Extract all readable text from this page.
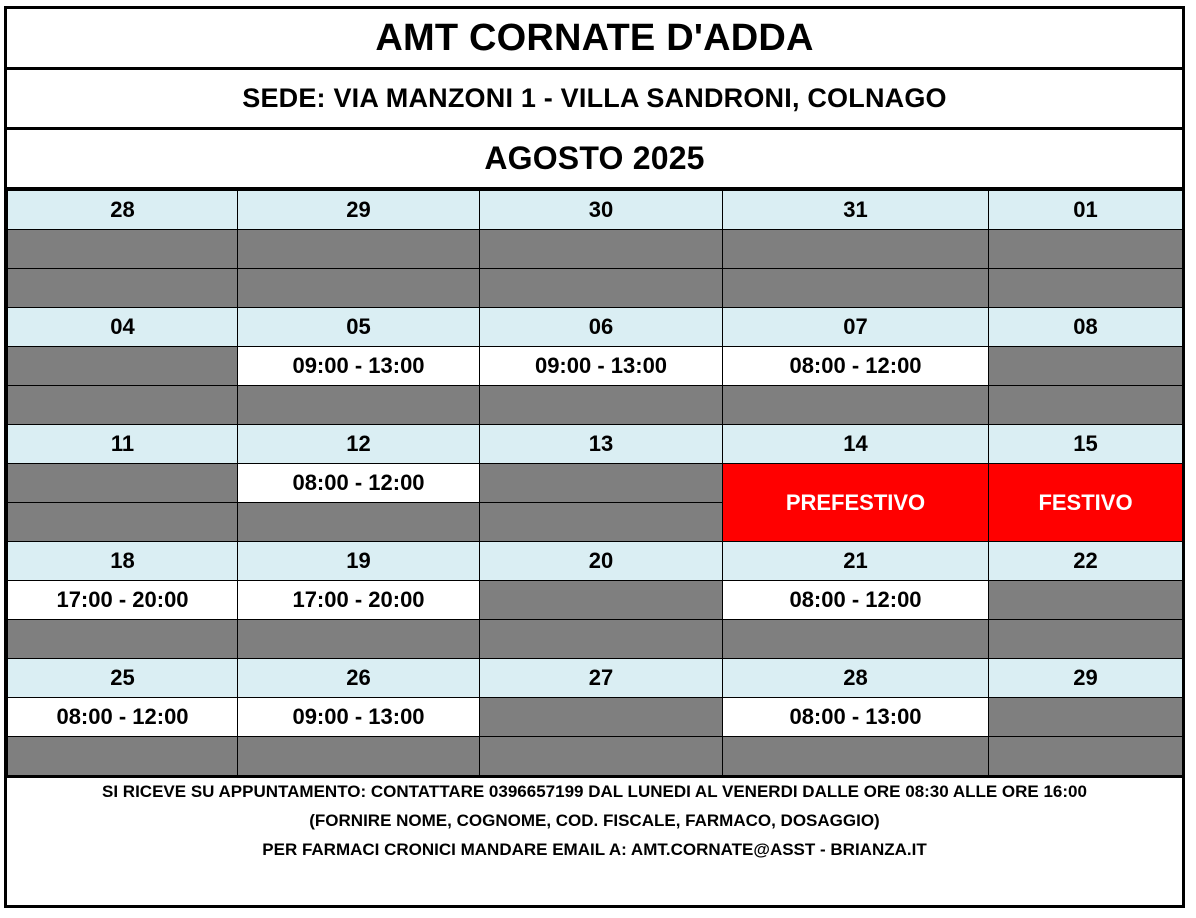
AMT CORNATE D'ADDA
SEDE: VIA MANZONI 1 - VILLA SANDRONI, COLNAGO
AGOSTO 2025
28	29	30	31	01

04	05	06	07	08
	09:00 - 13:00	09:00 - 13:00	08:00 - 12:00	

11	12	13	14	15
	08:00 - 12:00		PREFESTIVO	FESTIVO

18	19	20	21	22
17:00 - 20:00	17:00 - 20:00		08:00 - 12:00	

25	26	27	28	29
08:00 - 12:00	09:00 - 13:00		08:00 - 13:00	

SI RICEVE SU APPUNTAMENTO: CONTATTARE 0396657199 DAL LUNEDI AL VENERDI DALLE ORE 08:30 ALLE ORE 16:00
(FORNIRE NOME, COGNOME, COD. FISCALE, FARMACO, DOSAGGIO)
PER FARMACI CRONICI MANDARE EMAIL A: AMT.CORNATE@ASST - BRIANZA.IT
